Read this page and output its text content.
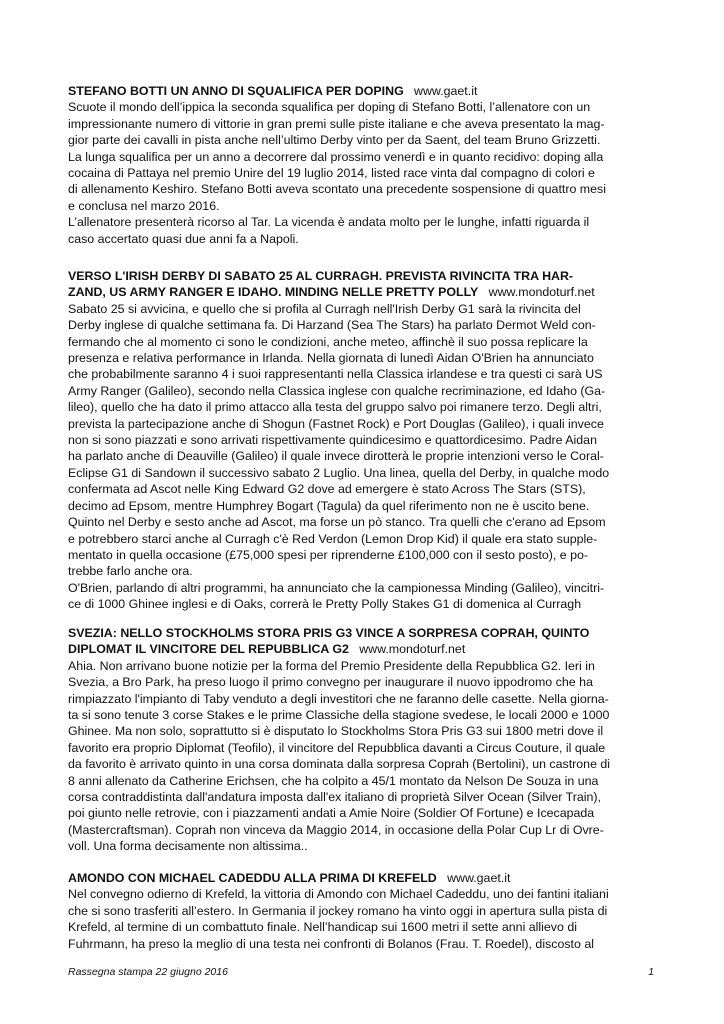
STEFANO BOTTI UN ANNO DI SQUALIFICA PER DOPING www.gaet.it
Scuote il mondo dell’ippica la seconda squalifica per doping di Stefano Botti, l’allenatore con un
impressionante numero di vittorie in gran premi sulle piste italiane e che aveva presentato la mag-
gior parte dei cavalli in pista anche nell’ultimo Derby vinto per da Saent, del team Bruno Grizzetti.
La lunga squalifica per un anno a decorrere dal prossimo venerdì e in quanto recidivo: doping alla
cocaina di Pattaya nel premio Unire del 19 luglio 2014, listed race vinta dal compagno di colori e
di allenamento Keshiro. Stefano Botti aveva scontato una precedente sospensione di quattro mesi
e conclusa nel marzo 2016.
L’allenatore presenterà ricorso al Tar. La vicenda è andata molto per le lunghe, infatti riguarda il
caso accertato quasi due anni fa a Napoli.
VERSO L'IRISH DERBY DI SABATO 25 AL CURRAGH. PREVISTA RIVINCITA TRA HAR-
ZAND, US ARMY RANGER E IDAHO. MINDING NELLE PRETTY POLLY www.mondoturf.net
Sabato 25 si avvicina, e quello che si profila al Curragh nell'Irish Derby G1 sarà la rivincita del
Derby inglese di qualche settimana fa. Di Harzand (Sea The Stars) ha parlato Dermot Weld con-
fermando che al momento ci sono le condizioni, anche meteo, affinchè il suo possa replicare la
presenza e relativa performance in Irlanda. Nella giornata di lunedì Aidan O'Brien ha annunciato
che probabilmente saranno 4 i suoi rappresentanti nella Classica irlandese e tra questi ci sarà US
Army Ranger (Galileo), secondo nella Classica inglese con qualche recriminazione, ed Idaho (Ga-
lileo), quello che ha dato il primo attacco alla testa del gruppo salvo poi rimanere terzo. Degli altri,
prevista la partecipazione anche di Shogun (Fastnet Rock) e Port Douglas (Galileo), i quali invece
non si sono piazzati e sono arrivati rispettivamente quindicesimo e quattordicesimo. Padre Aidan
ha parlato anche di Deauville (Galileo) il quale invece dirotterà le proprie intenzioni verso le Coral-
Eclipse G1 di Sandown il successivo sabato 2 Luglio. Una linea, quella del Derby, in qualche modo
confermata ad Ascot nelle King Edward G2 dove ad emergere è stato Across The Stars (STS),
decimo ad Epsom, mentre Humphrey Bogart (Tagula) da quel riferimento non ne è uscito bene.
Quinto nel Derby e sesto anche ad Ascot, ma forse un pò stanco. Tra quelli che c'erano ad Epsom
e potrebbero starci anche al Curragh c'è Red Verdon (Lemon Drop Kid) il quale era stato supple-
mentato in quella occasione (£75,000 spesi per riprenderne £100,000 con il sesto posto), e po-
trebbe farlo anche ora.
O'Brien, parlando di altri programmi, ha annunciato che la campionessa Minding (Galileo), vincitri-
ce di 1000 Ghinee inglesi e di Oaks, correrà le Pretty Polly Stakes G1 di domenica al Curragh
SVEZIA: NELLO STOCKHOLMS STORA PRIS G3 VINCE A SORPRESA COPRAH, QUINTO
DIPLOMAT IL VINCITORE DEL REPUBBLICA G2 www.mondoturf.net
Ahia. Non arrivano buone notizie per la forma del Premio Presidente della Repubblica G2. Ieri in
Svezia, a Bro Park, ha preso luogo il primo convegno per inaugurare il nuovo ippodromo che ha
rimpiazzato l'impianto di Taby venduto a degli investitori che ne faranno delle casette. Nella giorna-
ta si sono tenute 3 corse Stakes e le prime Classiche della stagione svedese, le locali 2000 e 1000
Ghinee. Ma non solo, soprattutto si è disputato lo Stockholms Stora Pris G3 sui 1800 metri dove il
favorito era proprio Diplomat (Teofilo), il vincitore del Repubblica davanti a Circus Couture, il quale
da favorito è arrivato quinto in una corsa dominata dalla sorpresa Coprah (Bertolini), un castrone di
8 anni allenato da Catherine Erichsen, che ha colpito a 45/1 montato da Nelson De Souza in una
corsa contraddistinta dall'andatura imposta dall'ex italiano di proprietà Silver Ocean (Silver Train),
poi giunto nelle retrovie, con i piazzamenti andati a Amie Noire (Soldier Of Fortune) e Icecapada
(Mastercraftsman). Coprah non vinceva da Maggio 2014, in occasione della Polar Cup Lr di Ovre-
voll. Una forma decisamente non altissima..
AMONDO CON MICHAEL CADEDDU ALLA PRIMA DI KREFELD www.gaet.it
Nel convegno odierno di Krefeld, la vittoria di Amondo con Michael Cadeddu, uno dei fantini italiani
che si sono trasferiti all’estero. In Germania il jockey romano ha vinto oggi in apertura sulla pista di
Krefeld, al termine di un combattuto finale. Nell’handicap sui 1600 metri il sette anni allievo di
Fuhrmann, ha preso la meglio di una testa nei confronti di Bolanos (Frau. T. Roedel), discosto al
Rassegna stampa 22 giugno 2016	1
